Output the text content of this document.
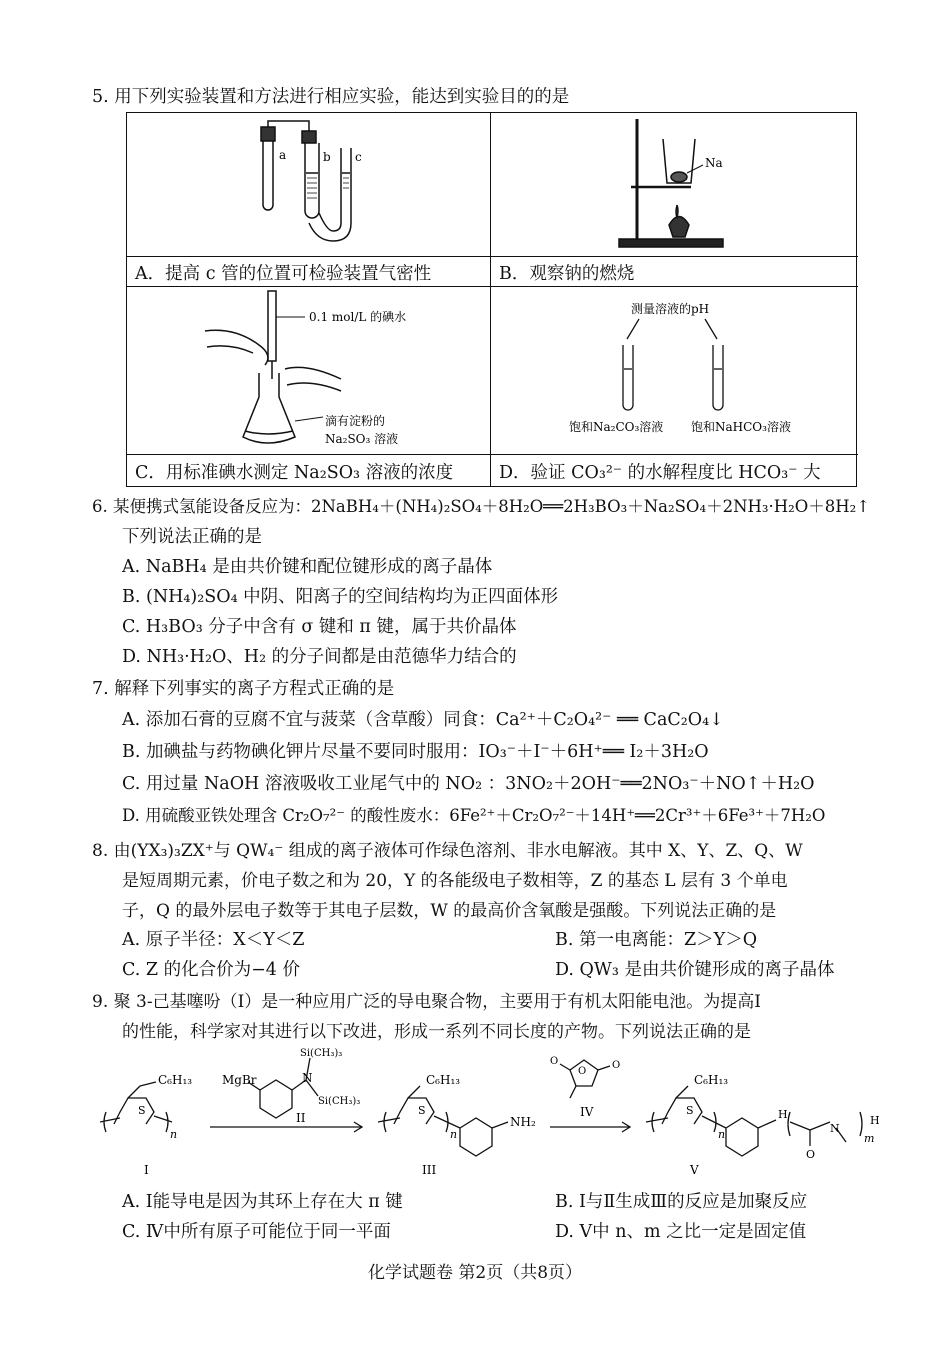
5. 用下列实验装置和方法进行相应实验，能达到实验目的的是
a	b c
A．提高 c 管的位置可检验装置气密性
Na
B．观察钠的燃烧
0.1 mol/L 的碘水
滴有淀粉的
Na₂SO₃ 溶液
C．用标准碘水测定 Na₂SO₃ 溶液的浓度
测量溶液的pH
饱和Na₂CO₃溶液 饱和NaHCO₃溶液
D．验证 CO₃²⁻ 的水解程度比 HCO₃⁻ 大
6. 某便携式氢能设备反应为：2NaBH₄＋(NH₄)₂SO₄＋8H₂O══2H₃BO₃＋Na₂SO₄＋2NH₃·H₂O＋8H₂↑
下列说法正确的是
A. NaBH₄ 是由共价键和配位键形成的离子晶体
B. (NH₄)₂SO₄ 中阴、阳离子的空间结构均为正四面体形
C. H₃BO₃ 分子中含有 σ 键和 π 键，属于共价晶体
D. NH₃·H₂O、H₂ 的分子间都是由范德华力结合的
7. 解释下列事实的离子方程式正确的是
A. 添加石膏的豆腐不宜与菠菜（含草酸）同食：Ca²⁺＋C₂O₄²⁻ ══ CaC₂O₄↓
B. 加碘盐与药物碘化钾片尽量不要同时服用：IO₃⁻＋I⁻＋6H⁺══ I₂＋3H₂O
C. 用过量 NaOH 溶液吸收工业尾气中的 NO₂ ：3NO₂＋2OH⁻══2NO₃⁻＋NO↑＋H₂O
D. 用硫酸亚铁处理含 Cr₂O₇²⁻ 的酸性废水：6Fe²⁺＋Cr₂O₇²⁻＋14H⁺══2Cr³⁺＋6Fe³⁺＋7H₂O
8. 由(YX₃)₃ZX⁺与 QW₄⁻ 组成的离子液体可作绿色溶剂、非水电解液。其中 X、Y、Z、Q、W
是短周期元素，价电子数之和为 20，Y 的各能级电子数相等，Z 的基态 L 层有 3 个单电
子，Q 的最外层电子数等于其电子层数，W 的最高价含氧酸是强酸。下列说法正确的是
A. 原子半径：X＜Y＜Z	B. 第一电离能：Z＞Y＞Q
C. Z 的化合价为−4 价	D. QW₃ 是由共价键形成的离子晶体
9. 聚 3-己基噻吩（Ⅰ）是一种应用广泛的导电聚合物，主要用于有机太阳能电池。为提高Ⅰ
的性能，科学家对其进行以下改进，形成一系列不同长度的产物。下列说法正确的是
S
C₆H₁₃
n
I
MgBr	N
Si(CH₃)₃
Si(CH₃)₃
II
S
C₆H₁₃
n
NH₂
III
O
O	O
IV	S
C₆H₁₃
n
H
O
N
m
H
V
A. Ⅰ能导电是因为其环上存在大 π 键	B. Ⅰ与Ⅱ生成Ⅲ的反应是加聚反应
C. Ⅳ中所有原子可能位于同一平面	D. Ⅴ中 n、m 之比一定是固定值
化学试题卷 第2页（共8页）
